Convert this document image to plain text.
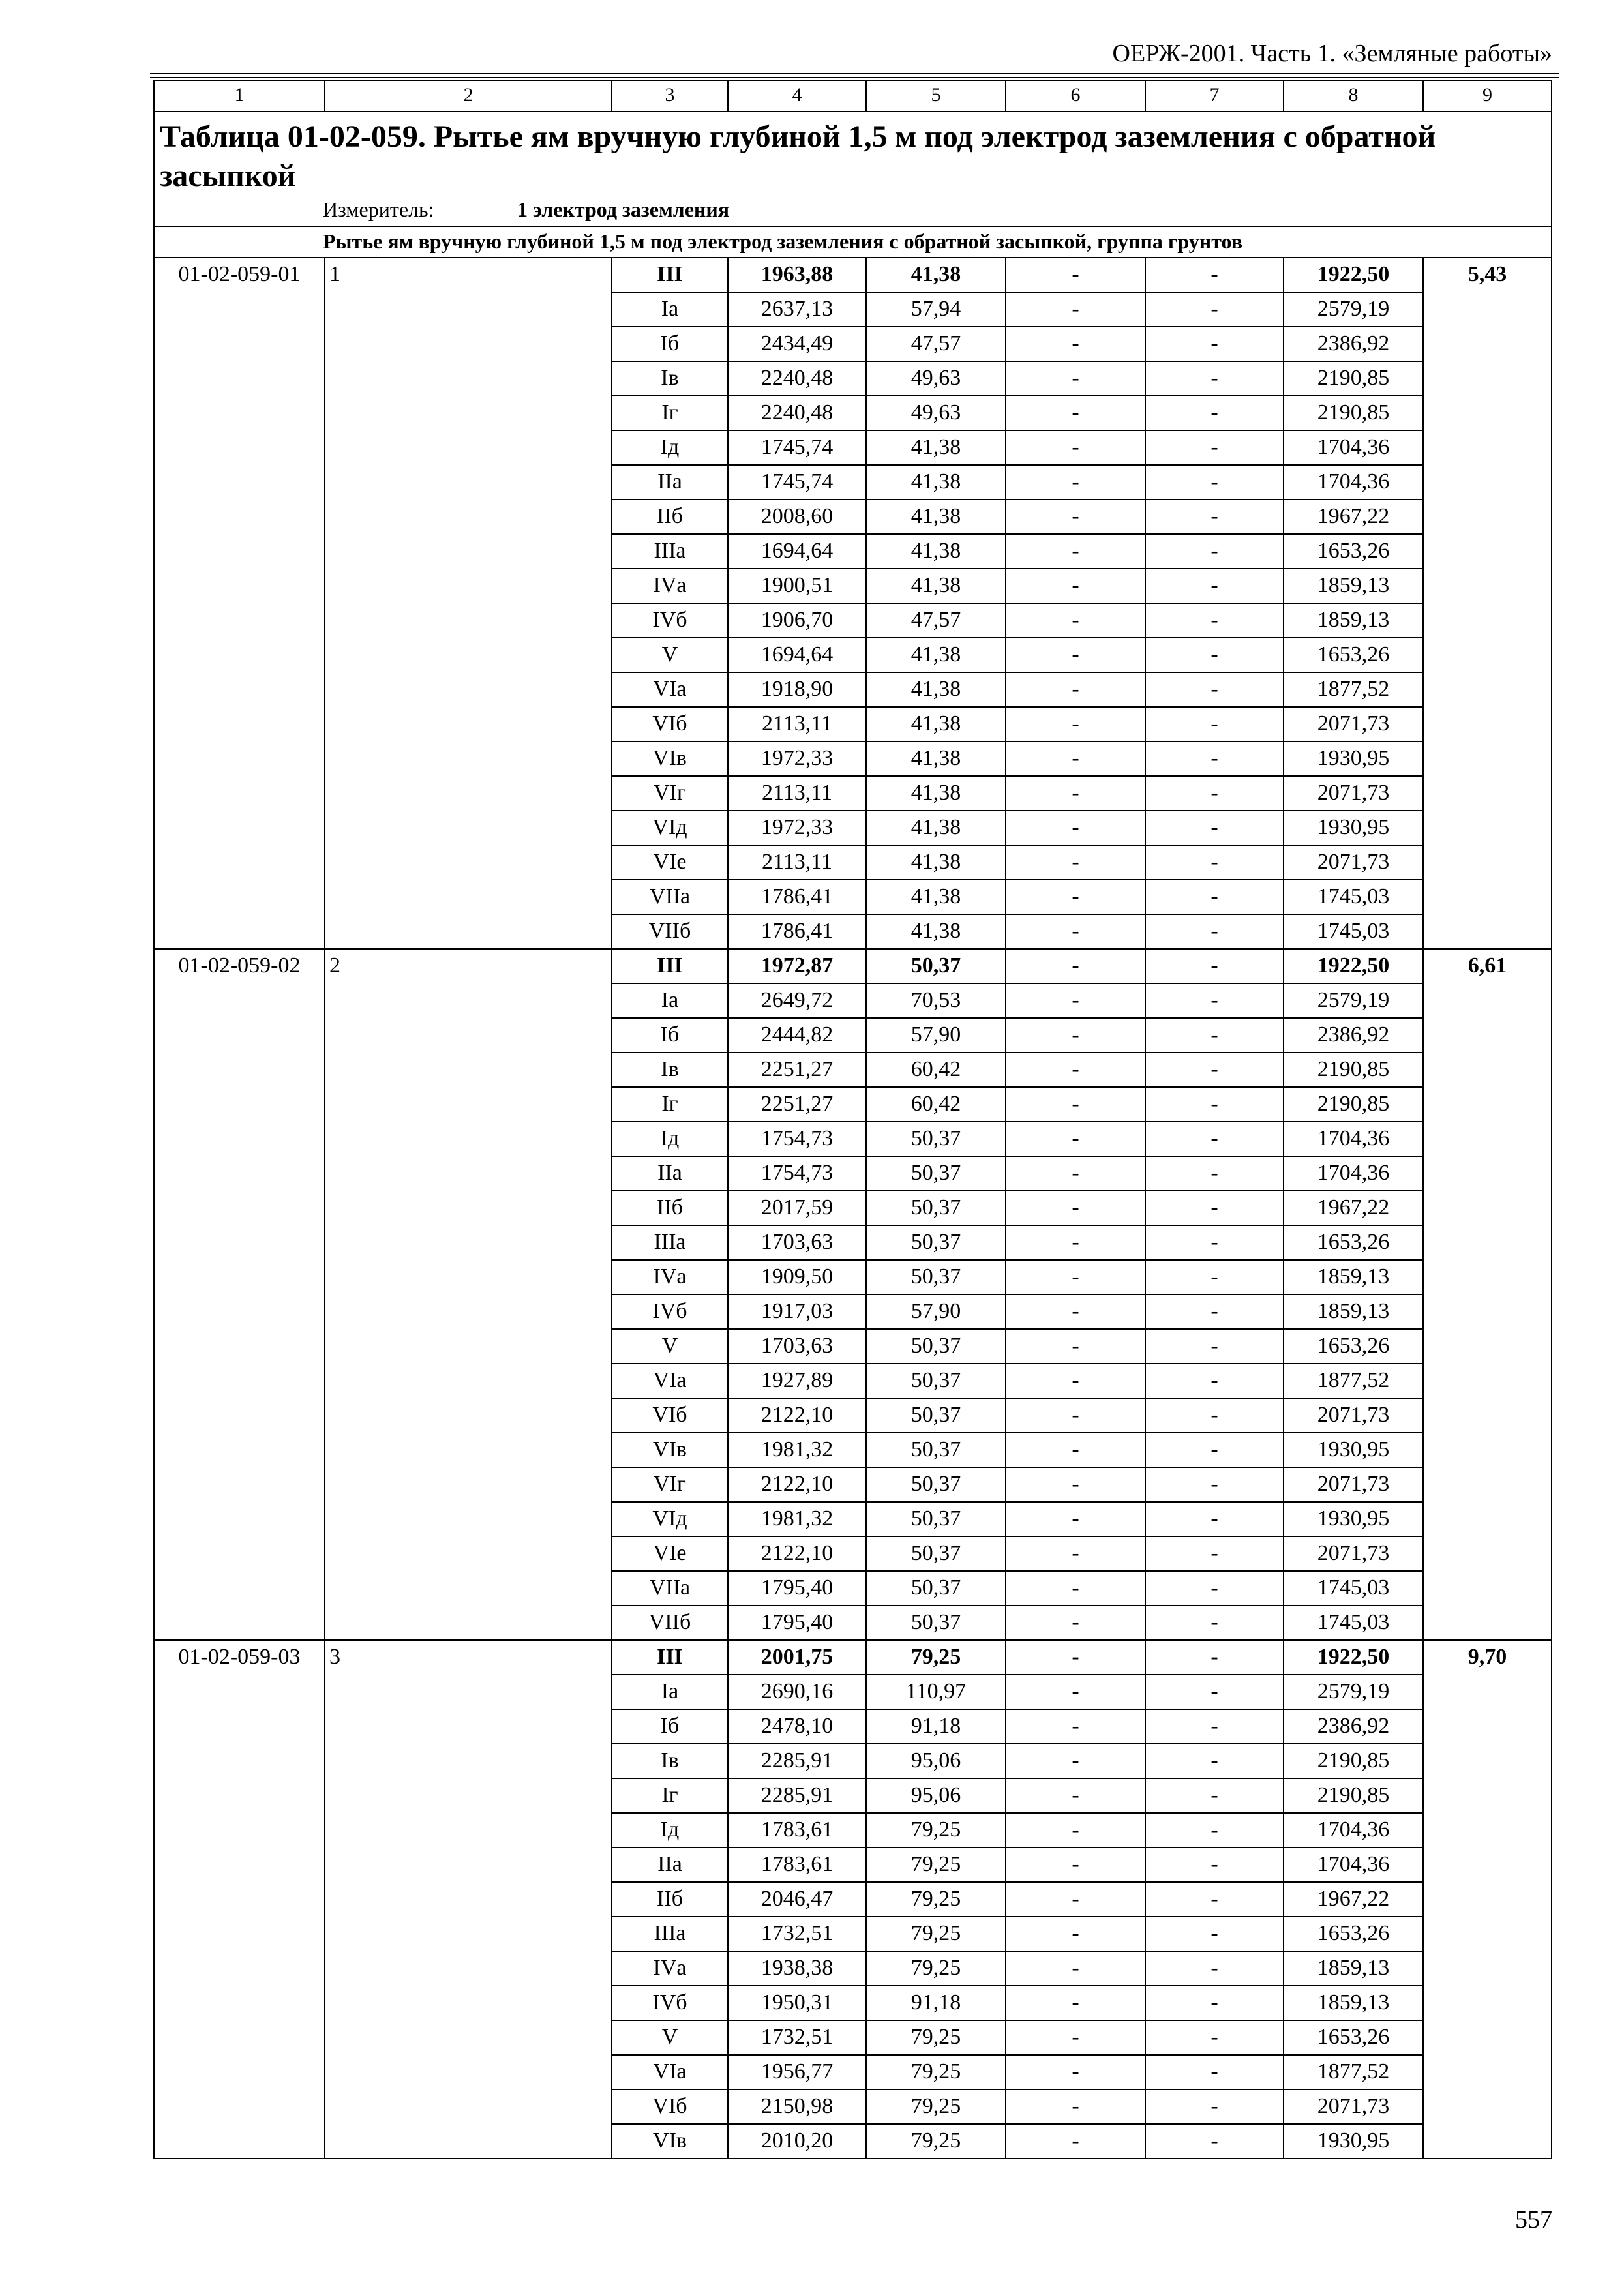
ОЕРЖ-2001. Часть 1. «Земляные работы»
1	2	3	4	5	6	7	8	9

Таблица 01-02-059. Рытье ям вручную глубиной 1,5 м под электрод заземления с обратной засыпкой
Измеритель: 1 электрод заземления								

Рытье ям вручную глубиной 1,5 м под электрод заземления с обратной засыпкой, группа грунтов								
01-02-059-01	1	III	1963,88	41,38	-	-	1922,50	5,43
		Iа	2637,13	57,94	-	-	2579,19	
		Iб	2434,49	47,57	-	-	2386,92	
		Iв	2240,48	49,63	-	-	2190,85	
		Iг	2240,48	49,63	-	-	2190,85	
		Iд	1745,74	41,38	-	-	1704,36	
		IIа	1745,74	41,38	-	-	1704,36	
		IIб	2008,60	41,38	-	-	1967,22	
		IIIа	1694,64	41,38	-	-	1653,26	
		IVа	1900,51	41,38	-	-	1859,13	
		IVб	1906,70	47,57	-	-	1859,13	
		V	1694,64	41,38	-	-	1653,26	
		VIа	1918,90	41,38	-	-	1877,52	
		VIб	2113,11	41,38	-	-	2071,73	
		VIв	1972,33	41,38	-	-	1930,95	
		VIг	2113,11	41,38	-	-	2071,73	
		VIд	1972,33	41,38	-	-	1930,95	
		VIе	2113,11	41,38	-	-	2071,73	
		VIIа	1786,41	41,38	-	-	1745,03	
		VIIб	1786,41	41,38	-	-	1745,03	
01-02-059-02	2	III	1972,87	50,37	-	-	1922,50	6,61
		Iа	2649,72	70,53	-	-	2579,19	
		Iб	2444,82	57,90	-	-	2386,92	
		Iв	2251,27	60,42	-	-	2190,85	
		Iг	2251,27	60,42	-	-	2190,85	
		Iд	1754,73	50,37	-	-	1704,36	
		IIа	1754,73	50,37	-	-	1704,36	
		IIб	2017,59	50,37	-	-	1967,22	
		IIIа	1703,63	50,37	-	-	1653,26	
		IVа	1909,50	50,37	-	-	1859,13	
		IVб	1917,03	57,90	-	-	1859,13	
		V	1703,63	50,37	-	-	1653,26	
		VIа	1927,89	50,37	-	-	1877,52	
		VIб	2122,10	50,37	-	-	2071,73	
		VIв	1981,32	50,37	-	-	1930,95	
		VIг	2122,10	50,37	-	-	2071,73	
		VIд	1981,32	50,37	-	-	1930,95	
		VIе	2122,10	50,37	-	-	2071,73	
		VIIа	1795,40	50,37	-	-	1745,03	
		VIIб	1795,40	50,37	-	-	1745,03	
01-02-059-03	3	III	2001,75	79,25	-	-	1922,50	9,70
		Iа	2690,16	110,97	-	-	2579,19	
		Iб	2478,10	91,18	-	-	2386,92	
		Iв	2285,91	95,06	-	-	2190,85	
		Iг	2285,91	95,06	-	-	2190,85	
		Iд	1783,61	79,25	-	-	1704,36	
		IIа	1783,61	79,25	-	-	1704,36	
		IIб	2046,47	79,25	-	-	1967,22	
		IIIа	1732,51	79,25	-	-	1653,26	
		IVа	1938,38	79,25	-	-	1859,13	
		IVб	1950,31	91,18	-	-	1859,13	
		V	1732,51	79,25	-	-	1653,26	
		VIа	1956,77	79,25	-	-	1877,52	
		VIб	2150,98	79,25	-	-	2071,73	
		VIв	2010,20	79,25	-	-	1930,95	
557
